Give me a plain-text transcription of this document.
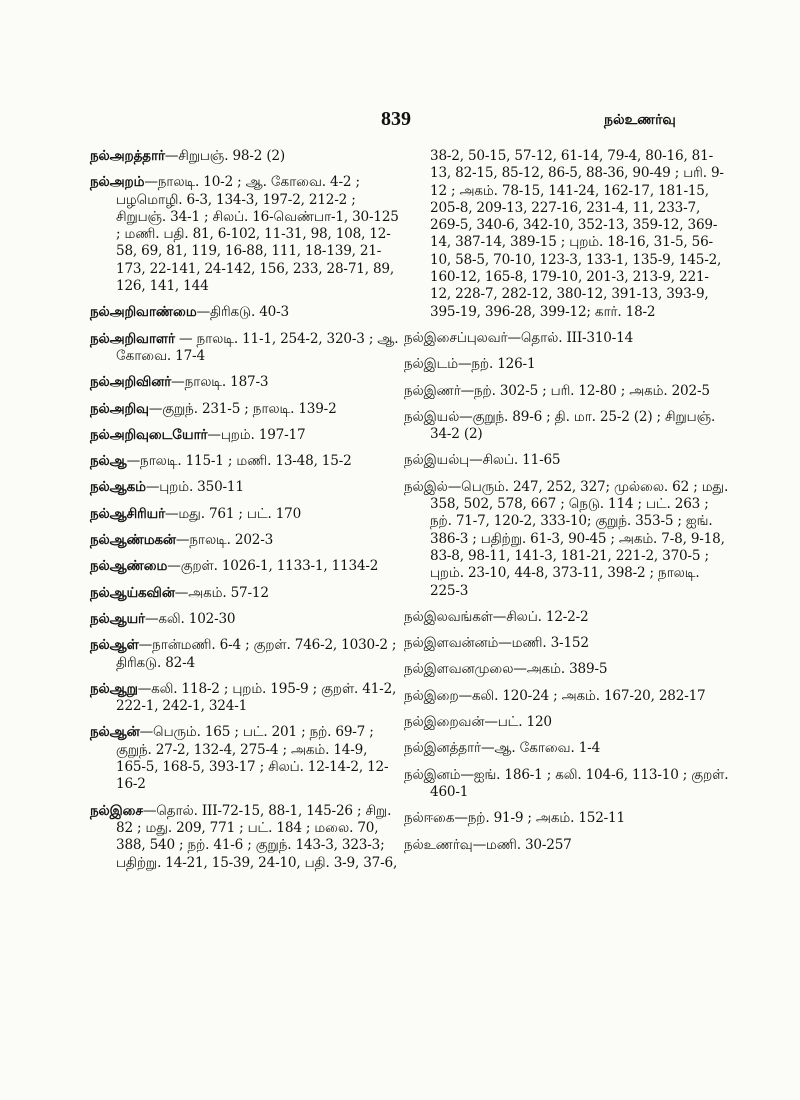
839	நல்உணர்வு
நல்அறத்தார்—சிறுபஞ். 98-2 (2)
நல்அறம்—நாலடி. 10-2 ; ஆ. கோவை. 4-2 ; பழமொழி. 6-3, 134-3, 197-2, 212-2 ; சிறுபஞ். 34-1 ; சிலப். 16-வெண்பா-1, 30-125 ; மணி. பதி. 81, 6-102, 11-31, 98, 108, 12-58, 69, 81, 119, 16-88, 111, 18-139, 21-173, 22-141, 24-142, 156, 233, 28-71, 89, 126, 141, 144
நல்அறிவாண்மை—திரிகடு. 40-3
நல்அறிவாளர் — நாலடி. 11-1, 254-2, 320-3 ; ஆ. கோவை. 17-4
நல்அறிவினர்—நாலடி. 187-3
நல்அறிவு—குறுந். 231-5 ; நாலடி. 139-2
நல்அறிவுடையோர்—புறம். 197-17
நல்ஆ—நாலடி. 115-1 ; மணி. 13-48, 15-2
நல்ஆகம்—புறம். 350-11
நல்ஆசிரியர்—மது. 761 ; பட். 170
நல்ஆண்மகன்—நாலடி. 202-3
நல்ஆண்மை—குறள். 1026-1, 1133-1, 1134-2
நல்ஆய்கவின்—அகம். 57-12
நல்ஆயர்—கலி. 102-30
நல்ஆள்—நான்மணி. 6-4 ; குறள். 746-2, 1030-2 ; திரிகடு. 82-4
நல்ஆறு—கலி. 118-2 ; புறம். 195-9 ; குறள். 41-2, 222-1, 242-1, 324-1
நல்ஆன்—பெரும். 165 ; பட். 201 ; நற். 69-7 ; குறுந். 27-2, 132-4, 275-4 ; அகம். 14-9, 165-5, 168-5, 393-17 ; சிலப். 12-14-2, 12-16-2
நல்இசை—தொல். III-72-15, 88-1, 145-26 ; சிறு. 82 ; மது. 209, 771 ; பட். 184 ; மலை. 70, 388, 540 ; நற். 41-6 ; குறுந். 143-3, 323-3; பதிற்று. 14-21, 15-39, 24-10, பதி. 3-9, 37-6,
38-2, 50-15, 57-12, 61-14, 79-4, 80-16, 81-13, 82-15, 85-12, 86-5, 88-36, 90-49 ; பரி. 9-12 ; அகம். 78-15, 141-24, 162-17, 181-15, 205-8, 209-13, 227-16, 231-4, 11, 233-7, 269-5, 340-6, 342-10, 352-13, 359-12, 369-14, 387-14, 389-15 ; புறம். 18-16, 31-5, 56-10, 58-5, 70-10, 123-3, 133-1, 135-9, 145-2, 160-12, 165-8, 179-10, 201-3, 213-9, 221-12, 228-7, 282-12, 380-12, 391-13, 393-9, 395-19, 396-28, 399-12; கார். 18-2
நல்இசைப்புலவர்—தொல். III-310-14
நல்இடம்—நற். 126-1
நல்இணர்—நற். 302-5 ; பரி. 12-80 ; அகம். 202-5
நல்இயல்—குறுந். 89-6 ; தி. மா. 25-2 (2) ; சிறுபஞ். 34-2 (2)
நல்இயல்பு—சிலப். 11-65
நல்இல்—பெரும். 247, 252, 327; முல்லை. 62 ; மது. 358, 502, 578, 667 ; நெடு. 114 ; பட். 263 ; நற். 71-7, 120-2, 333-10; குறுந். 353-5 ; ஐங். 386-3 ; பதிற்று. 61-3, 90-45 ; அகம். 7-8, 9-18, 83-8, 98-11, 141-3, 181-21, 221-2, 370-5 ; புறம். 23-10, 44-8, 373-11, 398-2 ; நாலடி. 225-3
நல்இலவங்கள்—சிலப். 12-2-2
நல்இளவன்னம்—மணி. 3-152
நல்இளவனமுலை—அகம். 389-5
நல்இறை—கலி. 120-24 ; அகம். 167-20, 282-17
நல்இறைவன்—பட். 120
நல்இனத்தார்—ஆ. கோவை. 1-4
நல்இனம்—ஐங். 186-1 ; கலி. 104-6, 113-10 ; குறள். 460-1
நல்ஈகை—நற். 91-9 ; அகம். 152-11
நல்உணர்வு—மணி. 30-257
